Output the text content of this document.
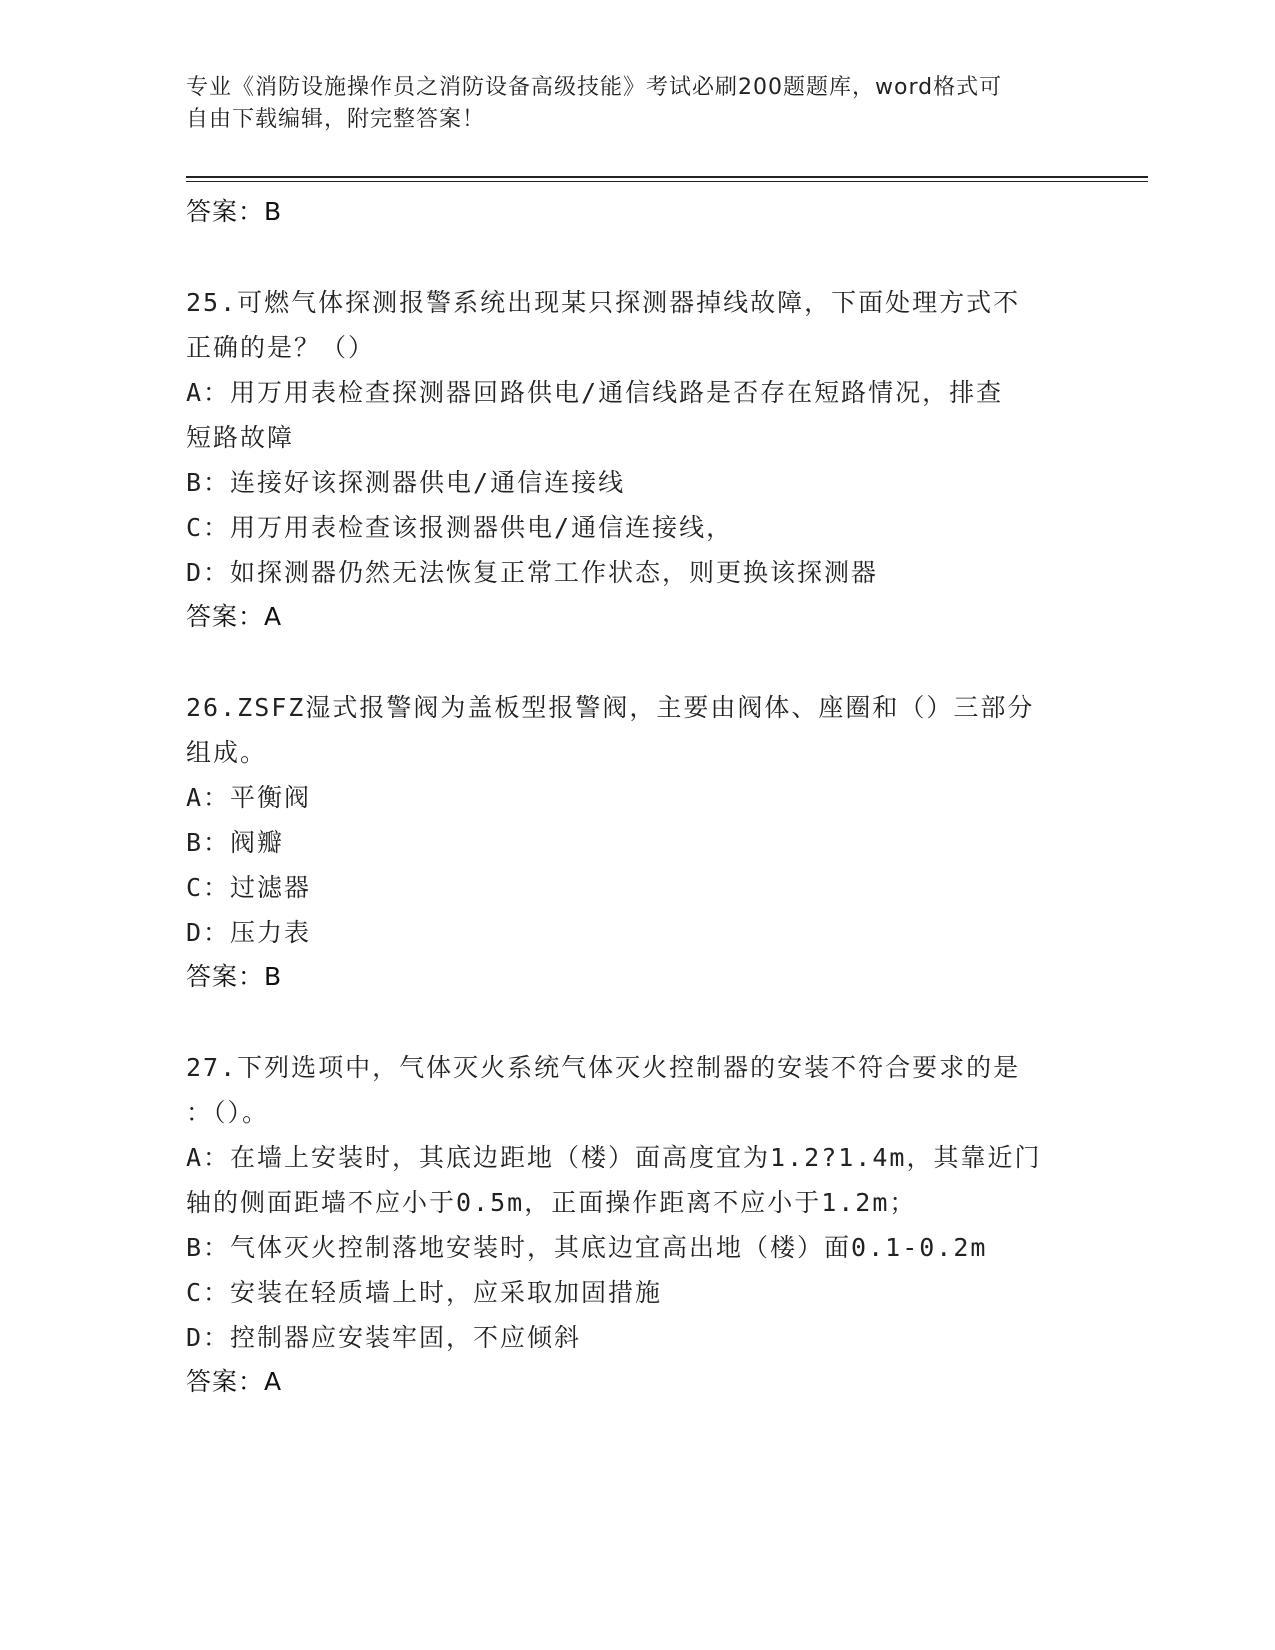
专业《消防设施操作员之消防设备高级技能》考试必刷200题题库，word格式可
自由下载编辑，附完整答案！
答案：B
25.可燃气体探测报警系统出现某只探测器掉线故障，下面处理方式不
正确的是？（）
A：用万用表检查探测器回路供电/通信线路是否存在短路情况，排查
短路故障
B：连接好该探测器供电/通信连接线
C：用万用表检查该报测器供电/通信连接线，
D：如探测器仍然无法恢复正常工作状态，则更换该探测器
答案：A
26.ZSFZ湿式报警阀为盖板型报警阀，主要由阀体、座圈和（）三部分
组成。
A：平衡阀
B：阀瓣
C：过滤器
D：压力表
答案：B
27.下列选项中，气体灭火系统气体灭火控制器的安装不符合要求的是
：（）。
A：在墙上安装时，其底边距地（楼）面高度宜为1.2?1.4m，其靠近门
轴的侧面距墙不应小于0.5m，正面操作距离不应小于1.2m；
B：气体灭火控制落地安装时，其底边宜高出地（楼）面0.1-0.2m
C：安装在轻质墙上时，应采取加固措施
D：控制器应安装牢固，不应倾斜
答案：A
